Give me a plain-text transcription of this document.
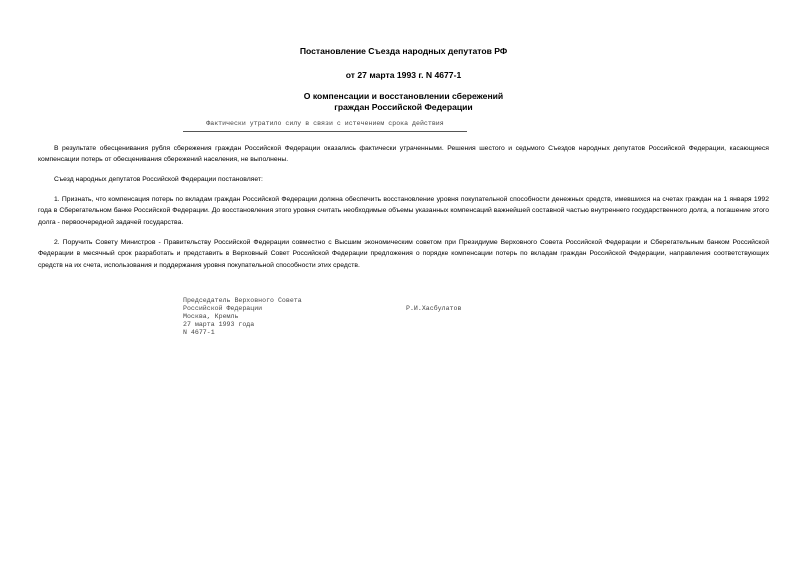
Постановление Съезда народных депутатов РФ
от 27 марта 1993 г. N 4677-1
О компенсации и восстановлении сбережений
граждан Российской Федерации
Фактически утратило силу в связи с истечением срока действия

В результате обесценивания рубля сбережения граждан Российской Федерации оказались фактически утраченными. Решения шестого и седьмого Съездов народных депутатов Российской Федерации, касающиеся компенсации потерь от обесценивания сбережений населения, не выполнены.

Съезд народных депутатов Российской Федерации постановляет:

1. Признать, что компенсация потерь по вкладам граждан Российской Федерации должна обеспечить восстановление уровня покупательной способности денежных средств, имевшихся на счетах граждан на 1 января 1992 года в Сберегательном банке Российской Федерации. До восстановления этого уровня считать необходимые объемы указанных компенсаций важнейшей составной частью внутреннего государственного долга, а погашение этого долга - первоочередной задачей государства.

2. Поручить Совету Министров - Правительству Российской Федерации совместно с Высшим экономическим советом при Президиуме Верховного Совета Российской Федерации и Сберегательным банком Российской Федерации в месячный срок разработать и представить в Верховный Совет Российской Федерации предложения о порядке компенсации потерь по вкладам граждан Российской Федерации, направления соответствующих средств на их счета, использования и поддержания уровня покупательной способности этих средств.

Председатель Верховного Совета
Российской Федерации	Р.И.Хасбулатов
Москва, Кремль
27 марта 1993 года
N 4677-1
